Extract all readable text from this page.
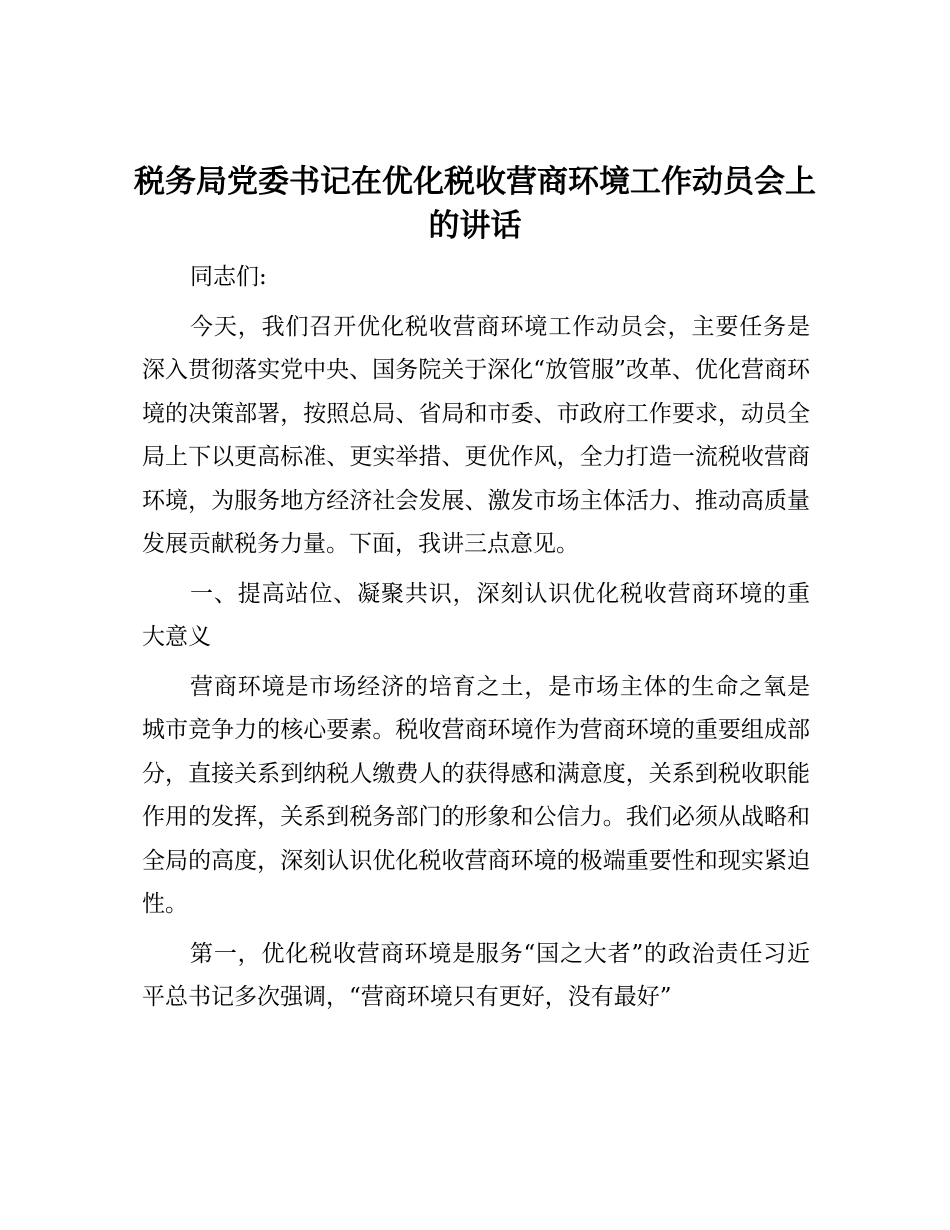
税务局党委书记在优化税收营商环境工作动员会上的讲话

同志们:

今天，我们召开优化税收营商环境工作动员会，主要任务是深入贯彻落实党中央、国务院关于深化“放管服”改革、优化营商环境的决策部署，按照总局、省局和市委、市政府工作要求，动员全局上下以更高标准、更实举措、更优作风，全力打造一流税收营商环境，为服务地方经济社会发展、激发市场主体活力、推动高质量发展贡献税务力量。下面，我讲三点意见。

一、提高站位、凝聚共识，深刻认识优化税收营商环境的重大意义

营商环境是市场经济的培育之土，是市场主体的生命之氧是城市竞争力的核心要素。税收营商环境作为营商环境的重要组成部分，直接关系到纳税人缴费人的获得感和满意度，关系到税收职能作用的发挥，关系到税务部门的形象和公信力。我们必须从战略和全局的高度，深刻认识优化税收营商环境的极端重要性和现实紧迫性。

第一，优化税收营商环境是服务“国之大者”的政治责任习近平总书记多次强调，“营商环境只有更好，没有最好”
